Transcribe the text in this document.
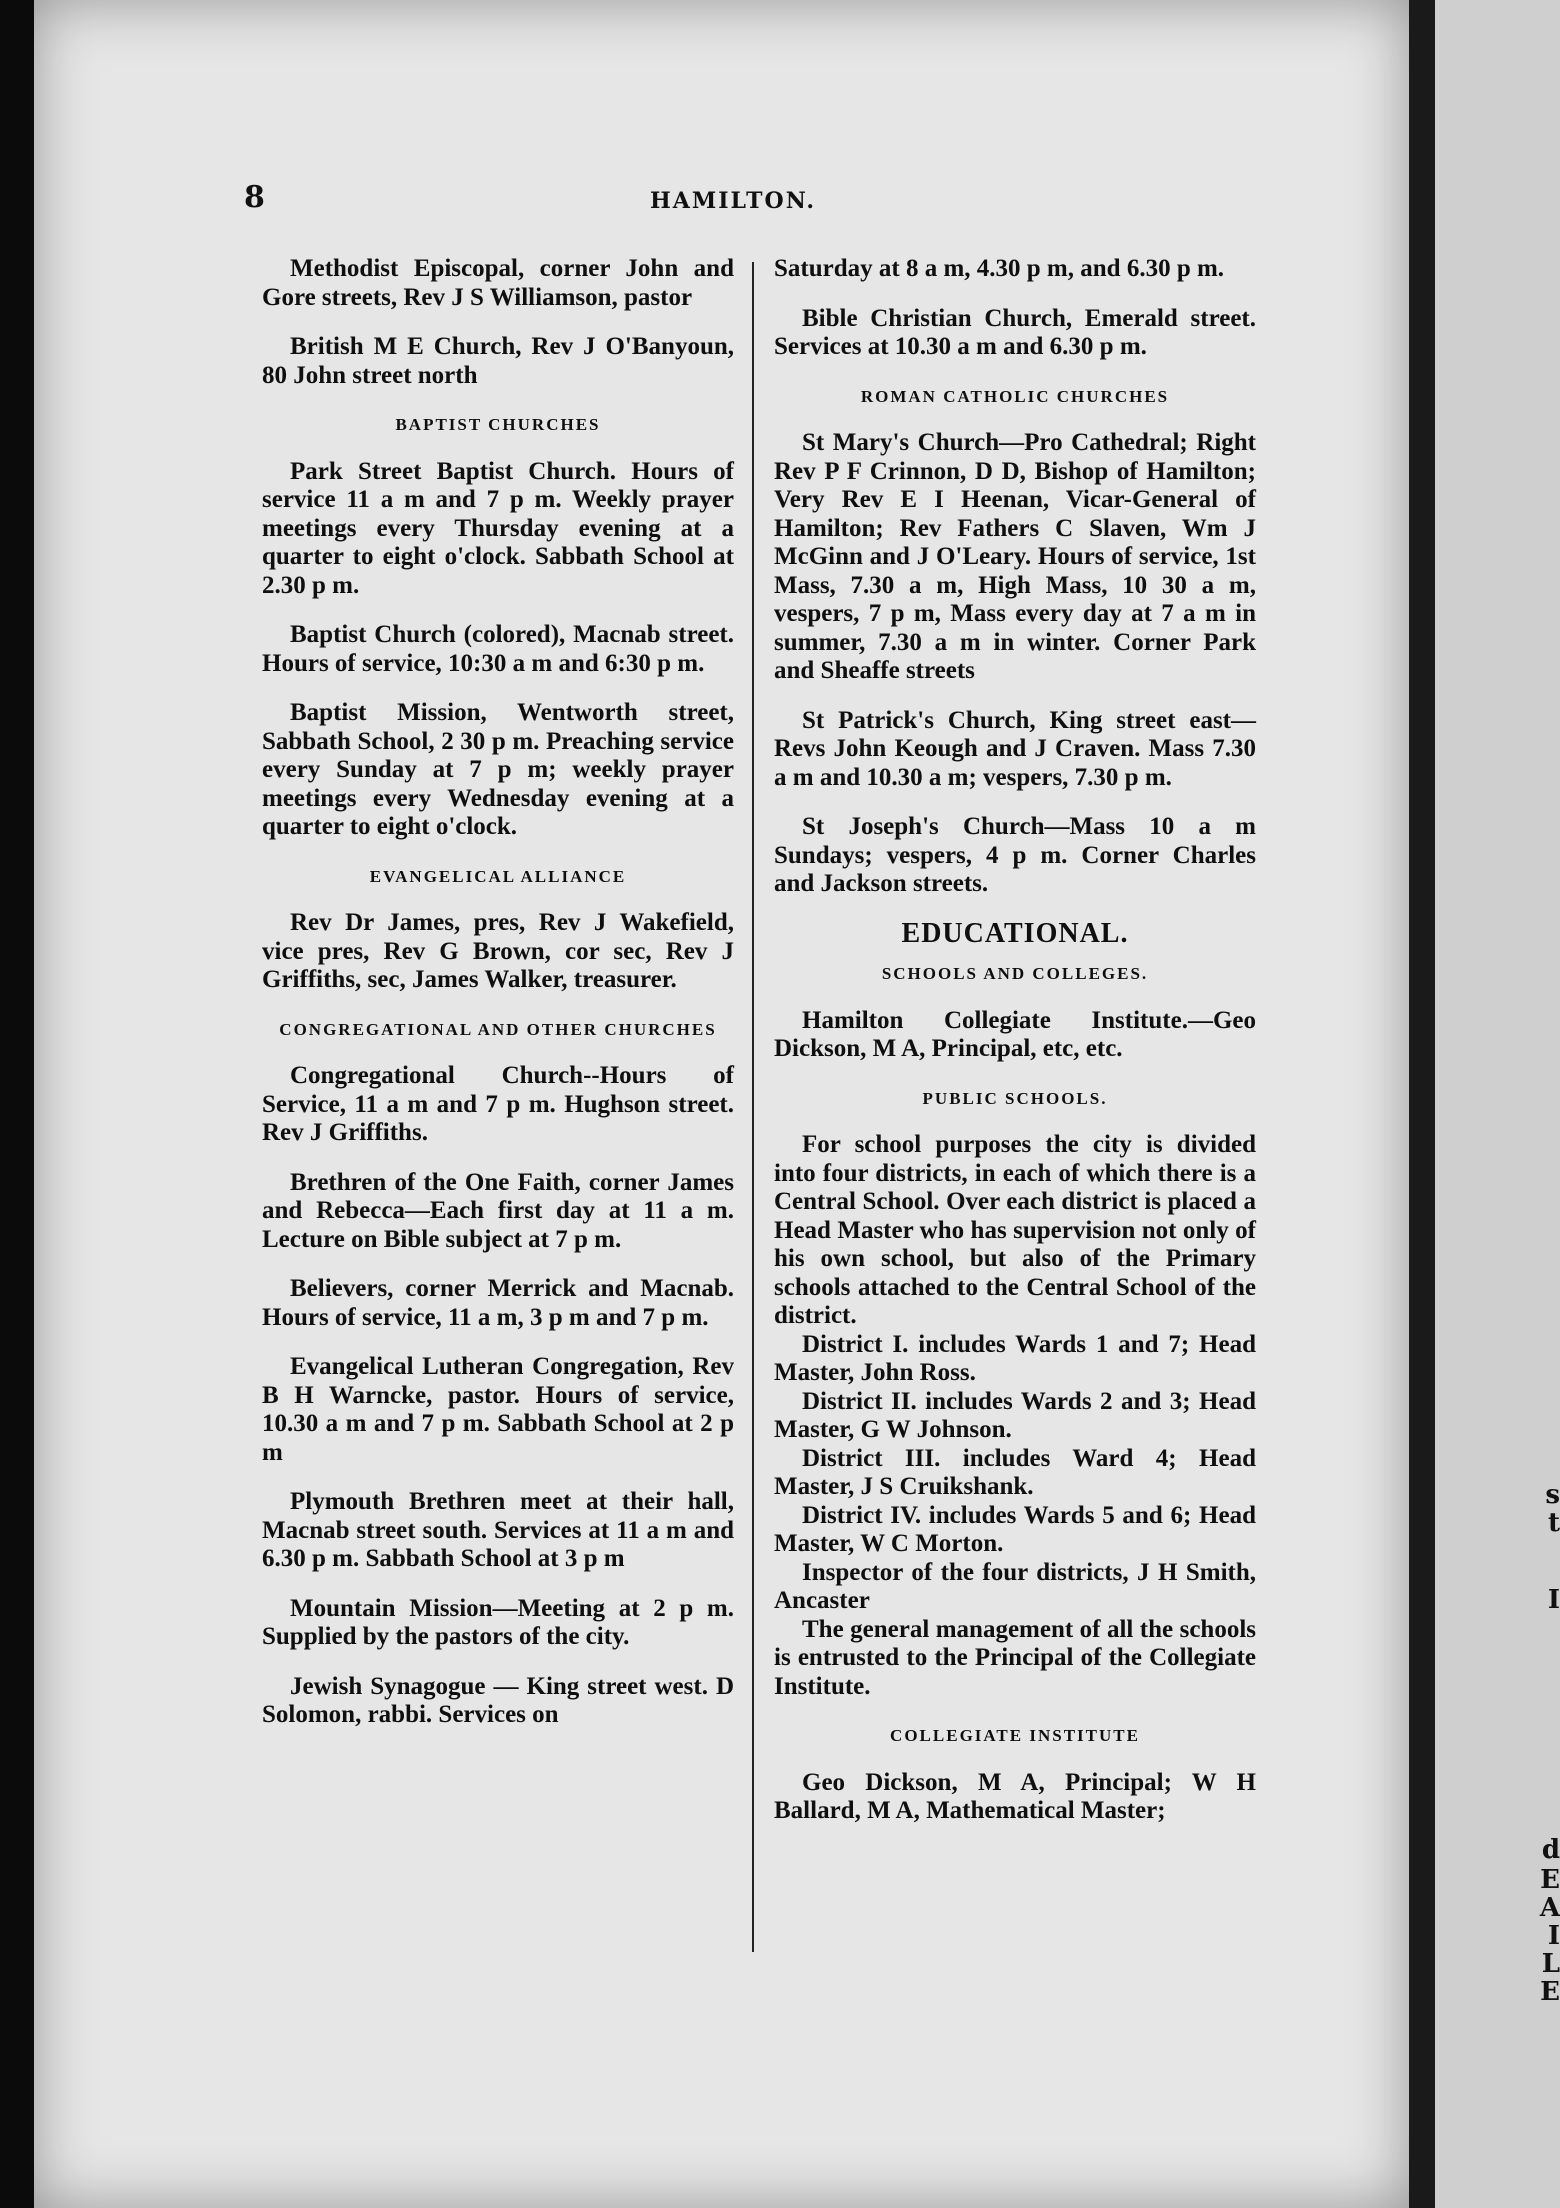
8	HAMILTON.

Methodist Episcopal, corner John and Gore streets, Rev J S Williamson, pastor

British M E Church, Rev J O'Banyoun, 80 John street north

BAPTIST CHURCHES

Park Street Baptist Church. Hours of service 11 a m and 7 p m. Weekly prayer meetings every Thursday evening at a quarter to eight o'clock. Sabbath School at 2.30 p m.

Baptist Church (colored), Macnab street. Hours of service, 10:30 a m and 6:30 p m.

Baptist Mission, Wentworth street, Sabbath School, 2 30 p m. Preaching service every Sunday at 7 p m; weekly prayer meetings every Wednesday evening at a quarter to eight o'clock.

EVANGELICAL ALLIANCE

Rev Dr James, pres, Rev J Wakefield, vice pres, Rev G Brown, cor sec, Rev J Griffiths, sec, James Walker, treasurer.

CONGREGATIONAL AND OTHER CHURCHES

Congregational Church--Hours of Service, 11 a m and 7 p m. Hughson street. Rev J Griffiths.

Brethren of the One Faith, corner James and Rebecca—Each first day at 11 a m. Lecture on Bible subject at 7 p m.

Believers, corner Merrick and Macnab. Hours of service, 11 a m, 3 p m and 7 p m.

Evangelical Lutheran Congregation, Rev B H Warncke, pastor. Hours of service, 10.30 a m and 7 p m. Sabbath School at 2 p m

Plymouth Brethren meet at their hall, Macnab street south. Services at 11 a m and 6.30 p m. Sabbath School at 3 p m

Mountain Mission—Meeting at 2 p m. Supplied by the pastors of the city.

Jewish Synagogue — King street west. D Solomon, rabbi. Services on

Saturday at 8 a m, 4.30 p m, and 6.30 p m.

Bible Christian Church, Emerald street. Services at 10.30 a m and 6.30 p m.

ROMAN CATHOLIC CHURCHES

St Mary's Church—Pro Cathedral; Right Rev P F Crinnon, D D, Bishop of Hamilton; Very Rev E I Heenan, Vicar-General of Hamilton; Rev Fathers C Slaven, Wm J McGinn and J O'Leary. Hours of service, 1st Mass, 7.30 a m, High Mass, 10 30 a m, vespers, 7 p m, Mass every day at 7 a m in summer, 7.30 a m in winter. Corner Park and Sheaffe streets

St Patrick's Church, King street east—Revs John Keough and J Craven. Mass 7.30 a m and 10.30 a m; vespers, 7.30 p m.

St Joseph's Church—Mass 10 a m Sundays; vespers, 4 p m. Corner Charles and Jackson streets.

EDUCATIONAL.
SCHOOLS AND COLLEGES.

Hamilton Collegiate Institute.—Geo Dickson, M A, Principal, etc, etc.

PUBLIC SCHOOLS.

For school purposes the city is divided into four districts, in each of which there is a Central School. Over each district is placed a Head Master who has supervision not only of his own school, but also of the Primary schools attached to the Central School of the district.

District I. includes Wards 1 and 7; Head Master, John Ross.

District II. includes Wards 2 and 3; Head Master, G W Johnson.

District III. includes Ward 4; Head Master, J S Cruikshank.

District IV. includes Wards 5 and 6; Head Master, W C Morton.

Inspector of the four districts, J H Smith, Ancaster

The general management of all the schools is entrusted to the Principal of the Collegiate Institute.

COLLEGIATE INSTITUTE

Geo Dickson, M A, Principal; W H Ballard, M A, Mathematical Master;

s
t
I
d
E
A
I
L
E
